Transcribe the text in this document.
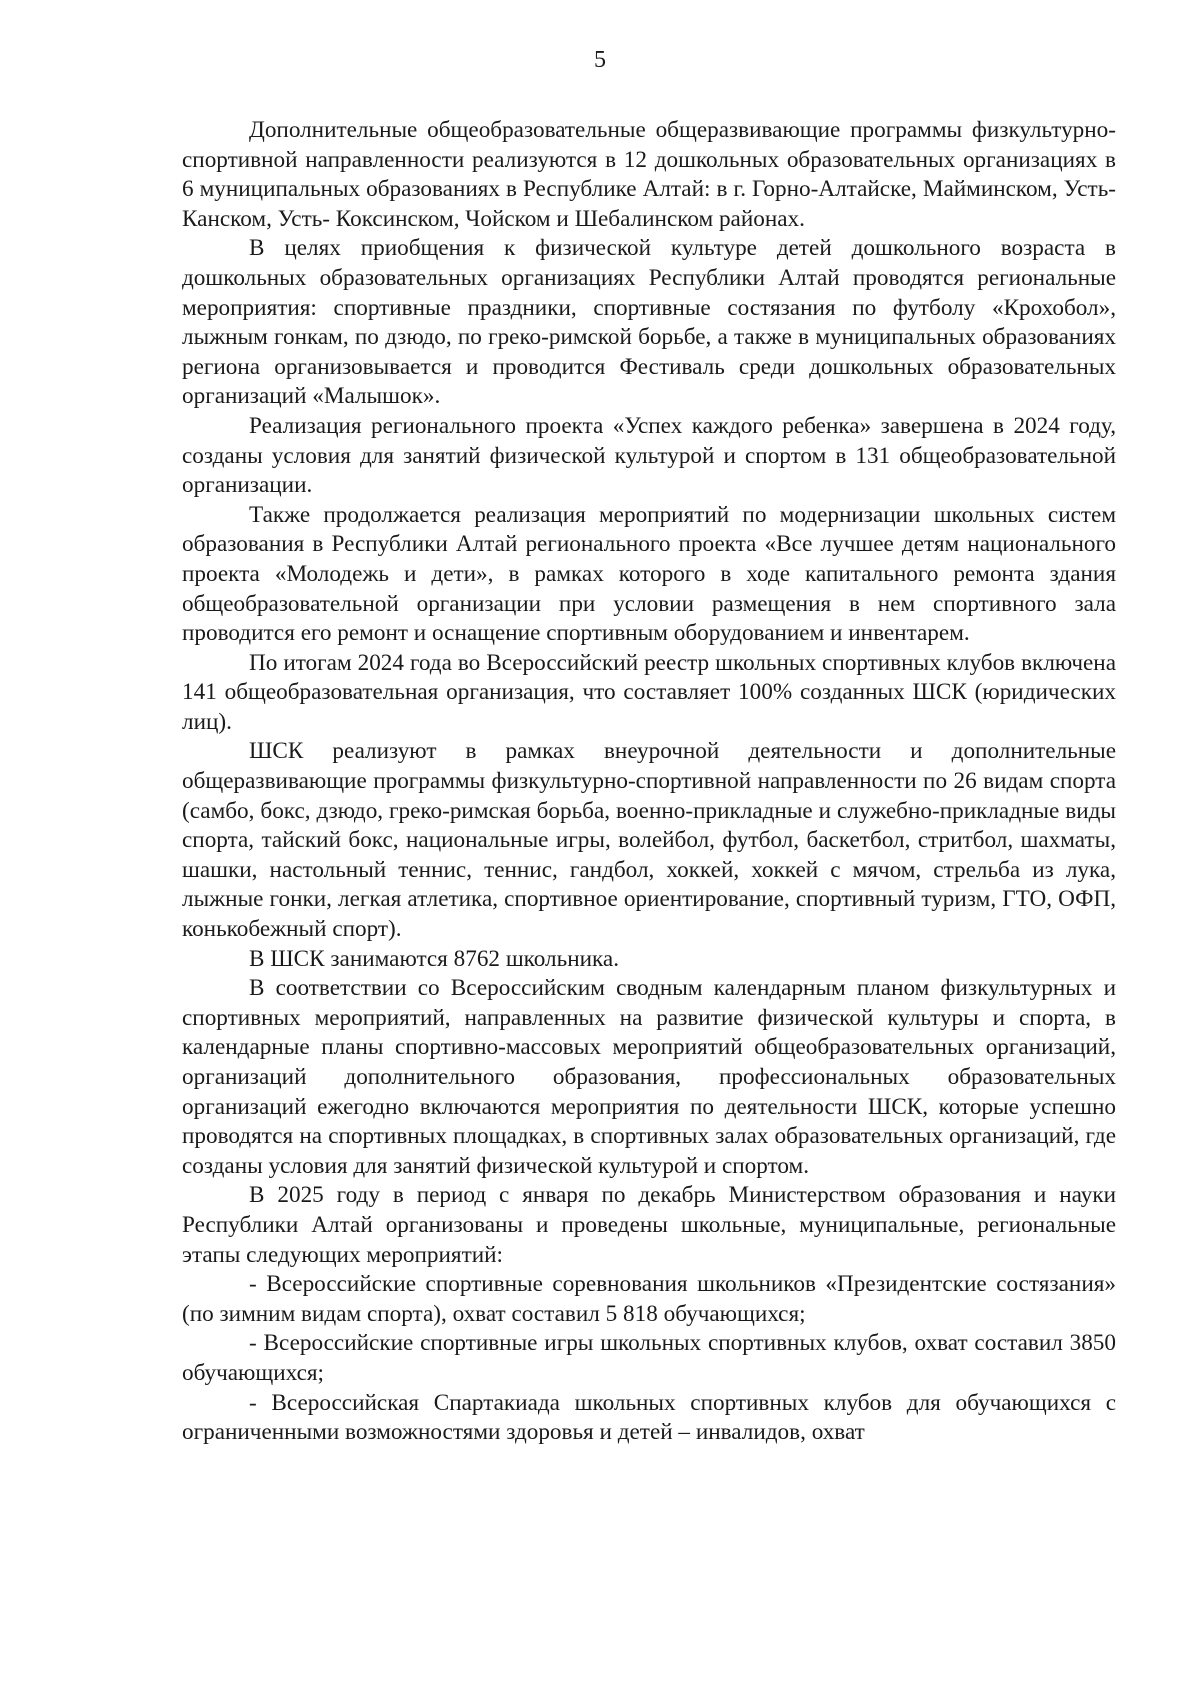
5

Дополнительные общеобразовательные общеразвивающие программы физкультурно-спортивной направленности реализуются в 12 дошкольных образовательных организациях в 6 муниципальных образованиях в Республике Алтай: в г. Горно-Алтайске, Майминском, Усть-Канском, Усть- Коксинском, Чойском и Шебалинском районах.

В целях приобщения к физической культуре детей дошкольного возраста в дошкольных образовательных организациях Республики Алтай проводятся региональные мероприятия: спортивные праздники, спортивные состязания по футболу «Крохобол», лыжным гонкам, по дзюдо, по греко-римской борьбе, а также в муниципальных образованиях региона организовывается и проводится Фестиваль среди дошкольных образовательных организаций «Малышок».

Реализация регионального проекта «Успех каждого ребенка» завершена в 2024 году, созданы условия для занятий физической культурой и спортом в 131 общеобразовательной организации.

Также продолжается реализация мероприятий по модернизации школьных систем образования в Республики Алтай регионального проекта «Все лучшее детям национального проекта «Молодежь и дети», в рамках которого в ходе капитального ремонта здания общеобразовательной организации при условии размещения в нем спортивного зала проводится его ремонт и оснащение спортивным оборудованием и инвентарем.

По итогам 2024 года во Всероссийский реестр школьных спортивных клубов включена 141 общеобразовательная организация, что составляет 100% созданных ШСК (юридических лиц).

ШСК реализуют в рамках внеурочной деятельности и дополнительные общеразвивающие программы физкультурно-спортивной направленности по 26 видам спорта (самбо, бокс, дзюдо, греко-римская борьба, военно-прикладные и служебно-прикладные виды спорта, тайский бокс, национальные игры, волейбол, футбол, баскетбол, стритбол, шахматы, шашки, настольный теннис, теннис, гандбол, хоккей, хоккей с мячом, стрельба из лука, лыжные гонки, легкая атлетика, спортивное ориентирование, спортивный туризм, ГТО, ОФП, конькобежный спорт).

В ШСК занимаются 8762 школьника.

В соответствии со Всероссийским сводным календарным планом физкультурных и спортивных мероприятий, направленных на развитие физической культуры и спорта, в календарные планы спортивно-массовых мероприятий общеобразовательных организаций, организаций дополнительного образования, профессиональных образовательных организаций ежегодно включаются мероприятия по деятельности ШСК, которые успешно проводятся на спортивных площадках, в спортивных залах образовательных организаций, где созданы условия для занятий физической культурой и спортом.

В 2025 году в период с января по декабрь Министерством образования и науки Республики Алтай организованы и проведены школьные, муниципальные, региональные этапы следующих мероприятий:

- Всероссийские спортивные соревнования школьников «Президентские состязания» (по зимним видам спорта), охват составил 5 818 обучающихся;

- Всероссийские спортивные игры школьных спортивных клубов, охват составил 3850 обучающихся;

- Всероссийская Спартакиада школьных спортивных клубов для обучающихся с ограниченными возможностями здоровья и детей – инвалидов, охват
